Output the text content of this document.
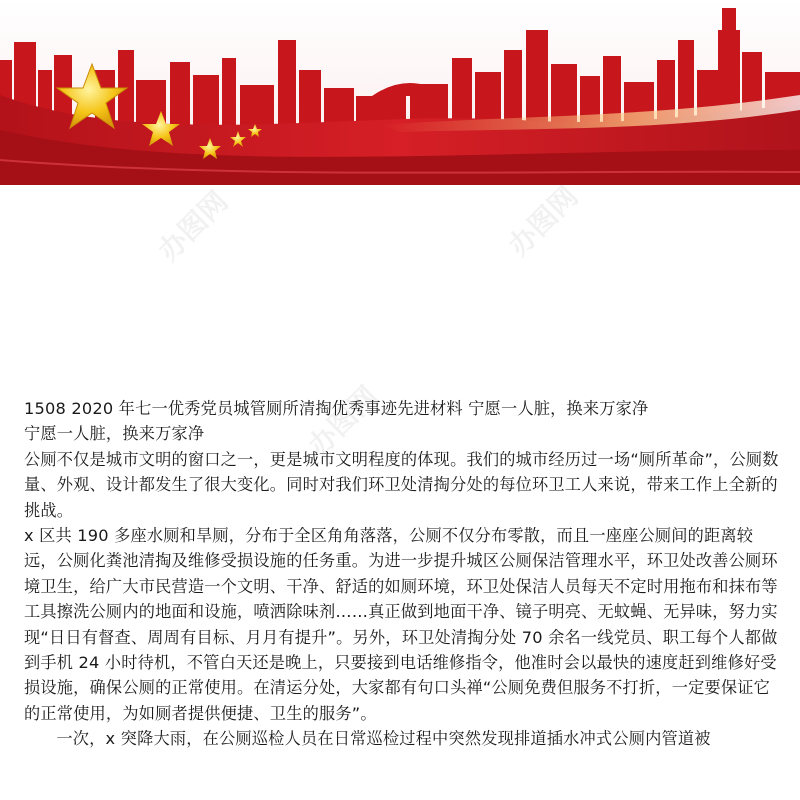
办图网	办图网
办图网

1508 2020 年七一优秀党员城管厕所清掏优秀事迹先进材料 宁愿一人脏，换来万家净

宁愿一人脏，换来万家净

公厕不仅是城市文明的窗口之一，更是城市文明程度的体现。我们的城市经历过一场“厕所革命”，公厕数量、外观、设计都发生了很大变化。同时对我们环卫处清掏分处的每位环卫工人来说，带来工作上全新的挑战。

x 区共 190 多座水厕和旱厕，分布于全区角角落落，公厕不仅分布零散，而且一座座公厕间的距离较远，公厕化粪池清掏及维修受损设施的任务重。为进一步提升城区公厕保洁管理水平，环卫处改善公厕环境卫生，给广大市民营造一个文明、干净、舒适的如厕环境，环卫处保洁人员每天不定时用拖布和抹布等工具擦洗公厕内的地面和设施，喷洒除味剂……真正做到地面干净、镜子明亮、无蚊蝇、无异味，努力实现“日日有督查、周周有目标、月月有提升”。另外，环卫处清掏分处 70 余名一线党员、职工每个人都做到手机 24 小时待机，不管白天还是晚上，只要接到电话维修指令，他准时会以最快的速度赶到维修好受损设施，确保公厕的正常使用。在清运分处，大家都有句口头禅“公厕免费但服务不打折，一定要保证它的正常使用，为如厕者提供便捷、卫生的服务”。

一次，x 突降大雨，在公厕巡检人员在日常巡检过程中突然发现排道插水冲式公厕内管道被
